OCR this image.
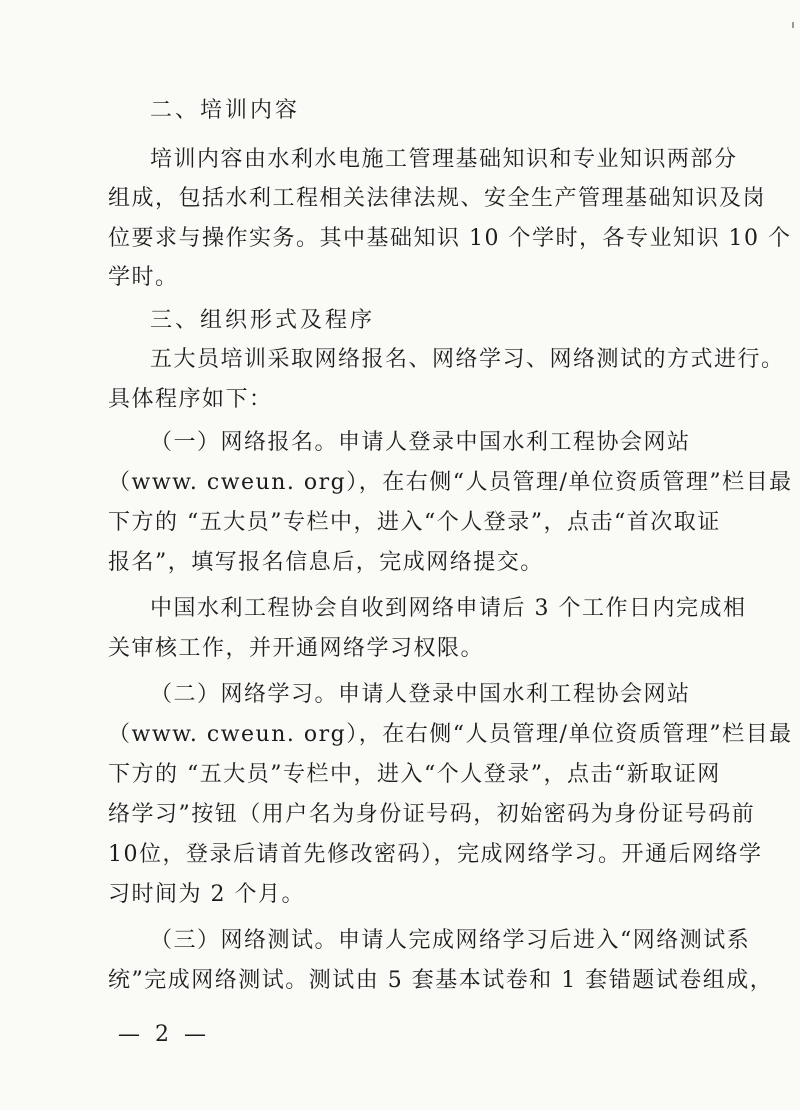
二、培训内容
培训内容由水利水电施工管理基础知识和专业知识两部分
组成，包括水利工程相关法律法规、安全生产管理基础知识及岗
位要求与操作实务。其中基础知识 10 个学时，各专业知识 10 个
学时。
三、组织形式及程序
五大员培训采取网络报名、网络学习、网络测试的方式进行。
具体程序如下：
（一）网络报名。申请人登录中国水利工程协会网站
（www. cweun. org），在右侧“人员管理/单位资质管理”栏目最
下方的 “五大员”专栏中，进入“个人登录”，点击“首次取证
报名”，填写报名信息后，完成网络提交。
中国水利工程协会自收到网络申请后 3 个工作日内完成相
关审核工作，并开通网络学习权限。
（二）网络学习。申请人登录中国水利工程协会网站
（www. cweun. org），在右侧“人员管理/单位资质管理”栏目最
下方的 “五大员”专栏中，进入“个人登录”，点击“新取证网
络学习”按钮（用户名为身份证号码，初始密码为身份证号码前
10位，登录后请首先修改密码），完成网络学习。开通后网络学
习时间为 2 个月。
（三）网络测试。申请人完成网络学习后进入“网络测试系
统”完成网络测试。测试由 5 套基本试卷和 1 套错题试卷组成，
— 2 —
